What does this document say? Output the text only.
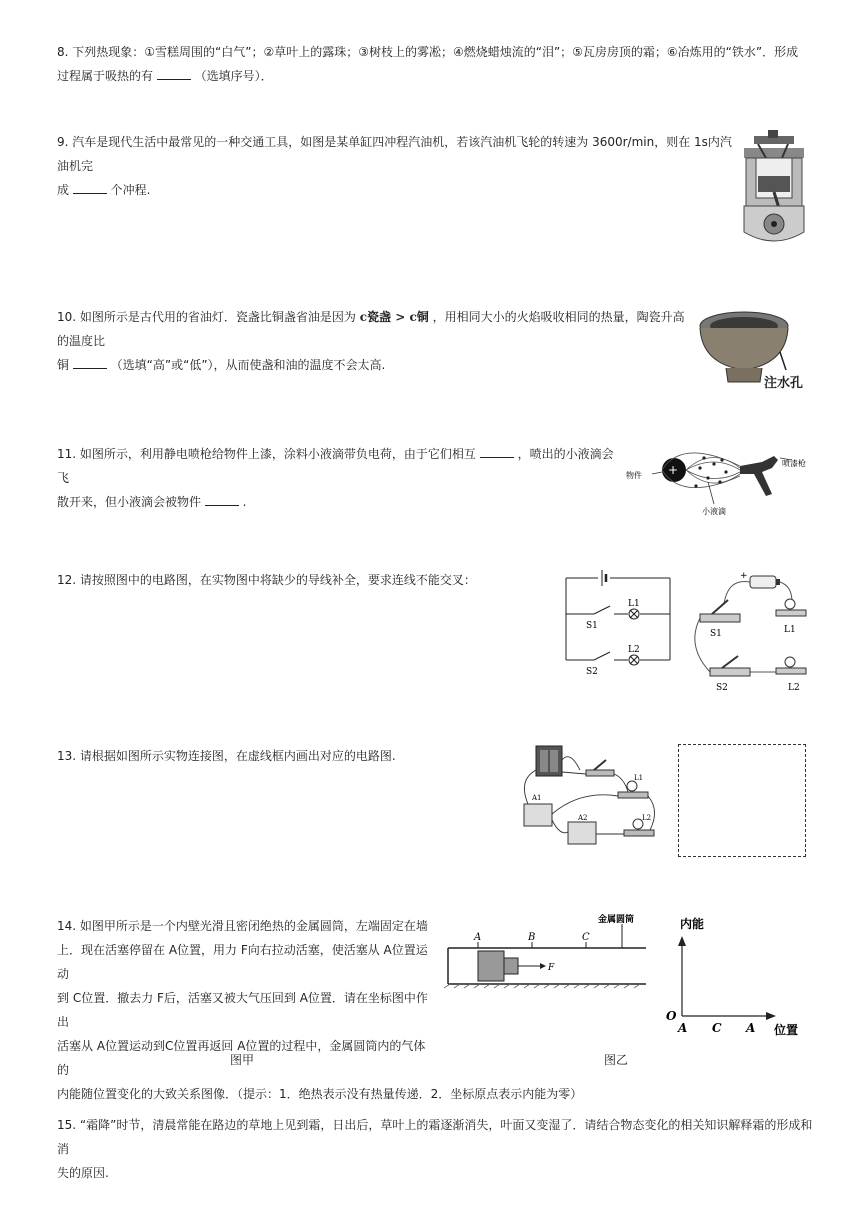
8. 下列热现象：①雪糕周围的“白气”；②草叶上的露珠；③树枝上的雾凇；④燃烧蜡烛流的“泪”；⑤瓦房房顶的霜；⑥冶炼用的“铁水”．形成
过程属于吸热的有	（选填序号）．
9. 汽车是现代生活中最常见的一种交通工具，如图是某单缸四冲程汽油机，若该汽油机飞轮的转速为 3600r/min，则在 1s内汽油机完
成	个冲程.
10. 如图所示是古代用的省油灯．瓷盏比铜盏省油是因为 c瓷盏 > c铜 ，用相同大小的火焰吸收相同的热量，陶瓷升高的温度比
铜	（选填“高”或“低”），从而使盏和油的温度不会太高.
注水孔
11. 如图所示，利用静电喷枪给物件上漆，涂料小液滴带负电荷，由于它们相互	，喷出的小液滴会飞
散开来，但小液滴会被物件	.
+
物件
喷漆枪
小液滴
12. 请按照图中的电路图，在实物图中将缺少的导线补全，要求连线不能交叉：
S1
S2
L1
L2
+
S1
S2
L1
L2
13. 请根据如图所示实物连接图，在虚线框内画出对应的电路图.
A1
A2
L1
L2
14. 如图甲所示是一个内壁光滑且密闭绝热的金属圆筒，左端固定在墙
上．现在活塞停留在 A位置，用力 F向右拉动活塞，使活塞从 A位置运动
到 C位置．撤去力 F后，活塞又被大气压回到 A位置．请在坐标图中作出
活塞从 A位置运动到C位置再返回 A位置的过程中，金属圆筒内的气体的
内能随位置变化的大致关系图像．（提示：1．绝热表示没有热量传递．2．坐标原点表示内能为零）
金属圆筒
A	B	C
F
内能
O
A C A 位置
图甲	图乙
15. “霜降”时节，清晨常能在路边的草地上见到霜，日出后，草叶上的霜逐渐消失，叶面又变湿了．请结合物态变化的相关知识解释霜的形成和消
失的原因.
